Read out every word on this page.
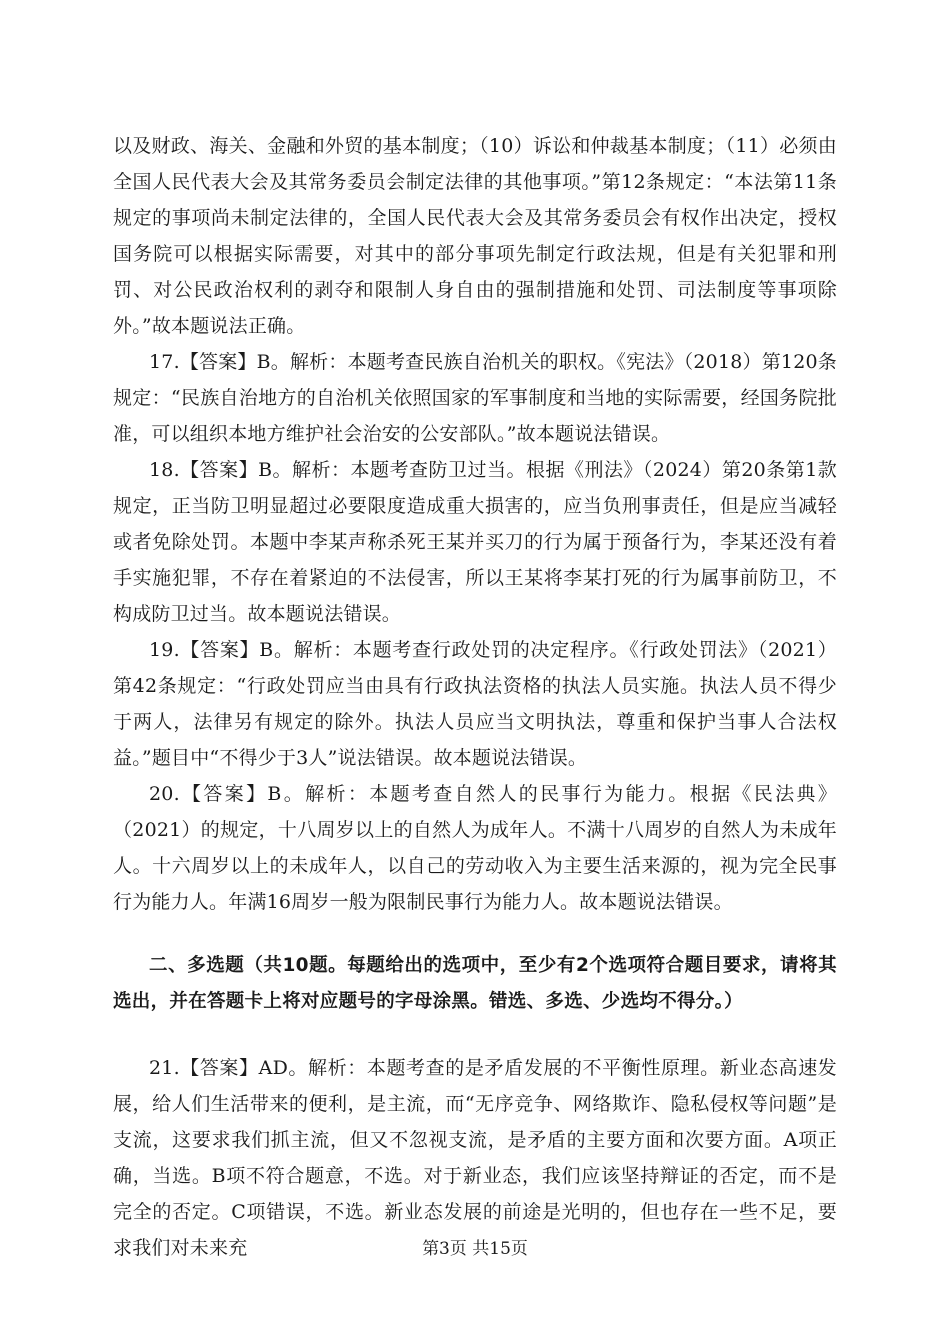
以及财政、海关、金融和外贸的基本制度；（10）诉讼和仲裁基本制度；（11）必须由全国人民代表大会及其常务委员会制定法律的其他事项。”第12条规定：“本法第11条规定的事项尚未制定法律的，全国人民代表大会及其常务委员会有权作出决定，授权国务院可以根据实际需要，对其中的部分事项先制定行政法规，但是有关犯罪和刑罚、对公民政治权利的剥夺和限制人身自由的强制措施和处罚、司法制度等事项除外。”故本题说法正确。

17.【答案】B。解析：本题考查民族自治机关的职权。《宪法》（2018）第120条规定：“民族自治地方的自治机关依照国家的军事制度和当地的实际需要，经国务院批准，可以组织本地方维护社会治安的公安部队。”故本题说法错误。

18.【答案】B。解析：本题考查防卫过当。根据《刑法》（2024）第20条第1款规定，正当防卫明显超过必要限度造成重大损害的，应当负刑事责任，但是应当减轻或者免除处罚。本题中李某声称杀死王某并买刀的行为属于预备行为，李某还没有着手实施犯罪，不存在着紧迫的不法侵害，所以王某将李某打死的行为属事前防卫，不构成防卫过当。故本题说法错误。

19.【答案】B。解析：本题考查行政处罚的决定程序。《行政处罚法》（2021）第42条规定：“行政处罚应当由具有行政执法资格的执法人员实施。执法人员不得少于两人，法律另有规定的除外。执法人员应当文明执法，尊重和保护当事人合法权益。”题目中“不得少于3人”说法错误。故本题说法错误。

20.【答案】B。解析：本题考查自然人的民事行为能力。根据《民法典》（2021）的规定，十八周岁以上的自然人为成年人。不满十八周岁的自然人为未成年人。十六周岁以上的未成年人，以自己的劳动收入为主要生活来源的，视为完全民事行为能力人。年满16周岁一般为限制民事行为能力人。故本题说法错误。

二、多选题（共10题。每题给出的选项中，至少有2个选项符合题目要求，请将其选出，并在答题卡上将对应题号的字母涂黑。错选、多选、少选均不得分。）

21.【答案】AD。解析：本题考查的是矛盾发展的不平衡性原理。新业态高速发展，给人们生活带来的便利，是主流，而“无序竞争、网络欺诈、隐私侵权等问题”是支流，这要求我们抓主流，但又不忽视支流，是矛盾的主要方面和次要方面。A项正确，当选。B项不符合题意，不选。对于新业态，我们应该坚持辩证的否定，而不是完全的否定。C项错误，不选。新业态发展的前途是光明的，但也存在一些不足，要求我们对未来充	第3页 共15页
